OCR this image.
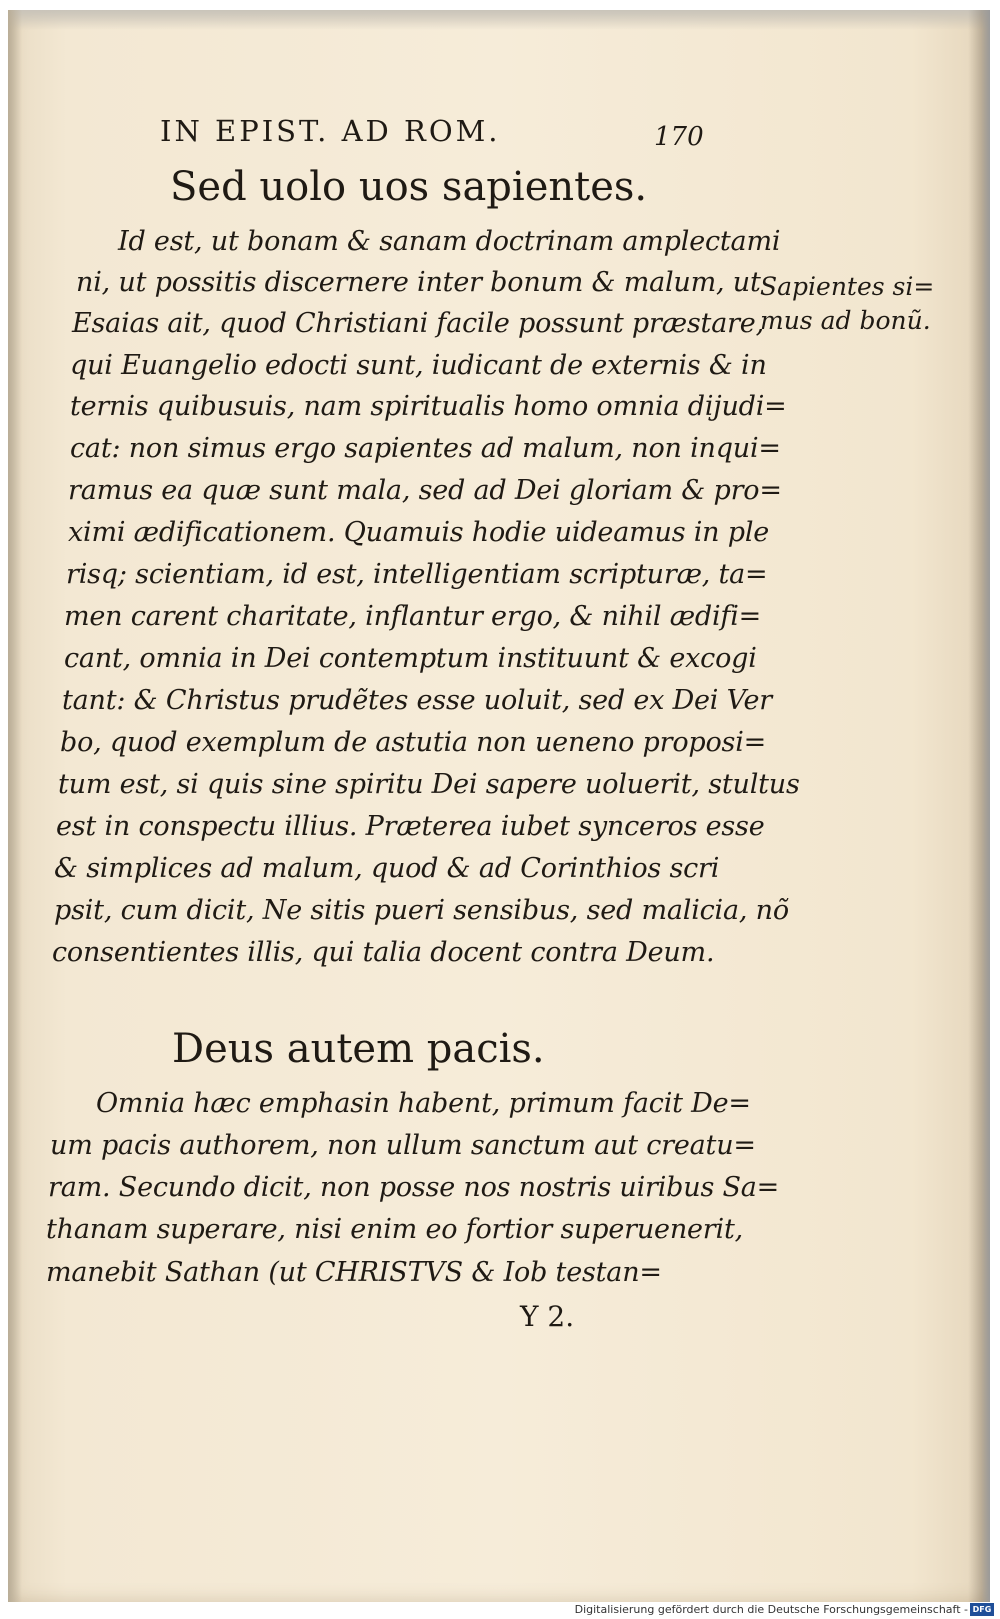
IN EPIST. AD ROM.	170
Sed uolo uos sapientes.
Id est, ut bonam & sanam doctrinam amplectami
ni, ut possitis discernere inter bonum & malum, ut
Esaias ait, quod Christiani facile possunt præstare,
qui Euangelio edocti sunt, iudicant de externis & in
ternis quibusuis, nam spiritualis homo omnia dijudi=
cat: non simus ergo sapientes ad malum, non inqui=
ramus ea quæ sunt mala, sed ad Dei gloriam & pro=
ximi ædificationem. Quamuis hodie uideamus in ple
risq; scientiam, id est, intelligentiam scripturæ, ta=
men carent charitate, inflantur ergo, & nihil ædifi=
cant, omnia in Dei contemptum instituunt & excogi
tant: & Christus prudẽtes esse uoluit, sed ex Dei Ver
bo, quod exemplum de astutia non ueneno proposi=
tum est, si quis sine spiritu Dei sapere uoluerit, stultus
est in conspectu illius. Præterea iubet synceros esse
& simplices ad malum, quod & ad Corinthios scri
psit, cum dicit, Ne sitis pueri sensibus, sed malicia, nõ
consentientes illis, qui talia docent contra Deum.
Sapientes si=
mus ad bonũ.
Deus autem pacis.
Omnia hæc emphasin habent, primum facit De=
um pacis authorem, non ullum sanctum aut creatu=
ram. Secundo dicit, non posse nos nostris uiribus Sa=
thanam superare, nisi enim eo fortior superuenerit,
manebit Sathan (ut CHRISTVS & Iob testan=
Y 2.
Digitalisierung gefördert durch die Deutsche Forschungsgemeinschaft - DFG
